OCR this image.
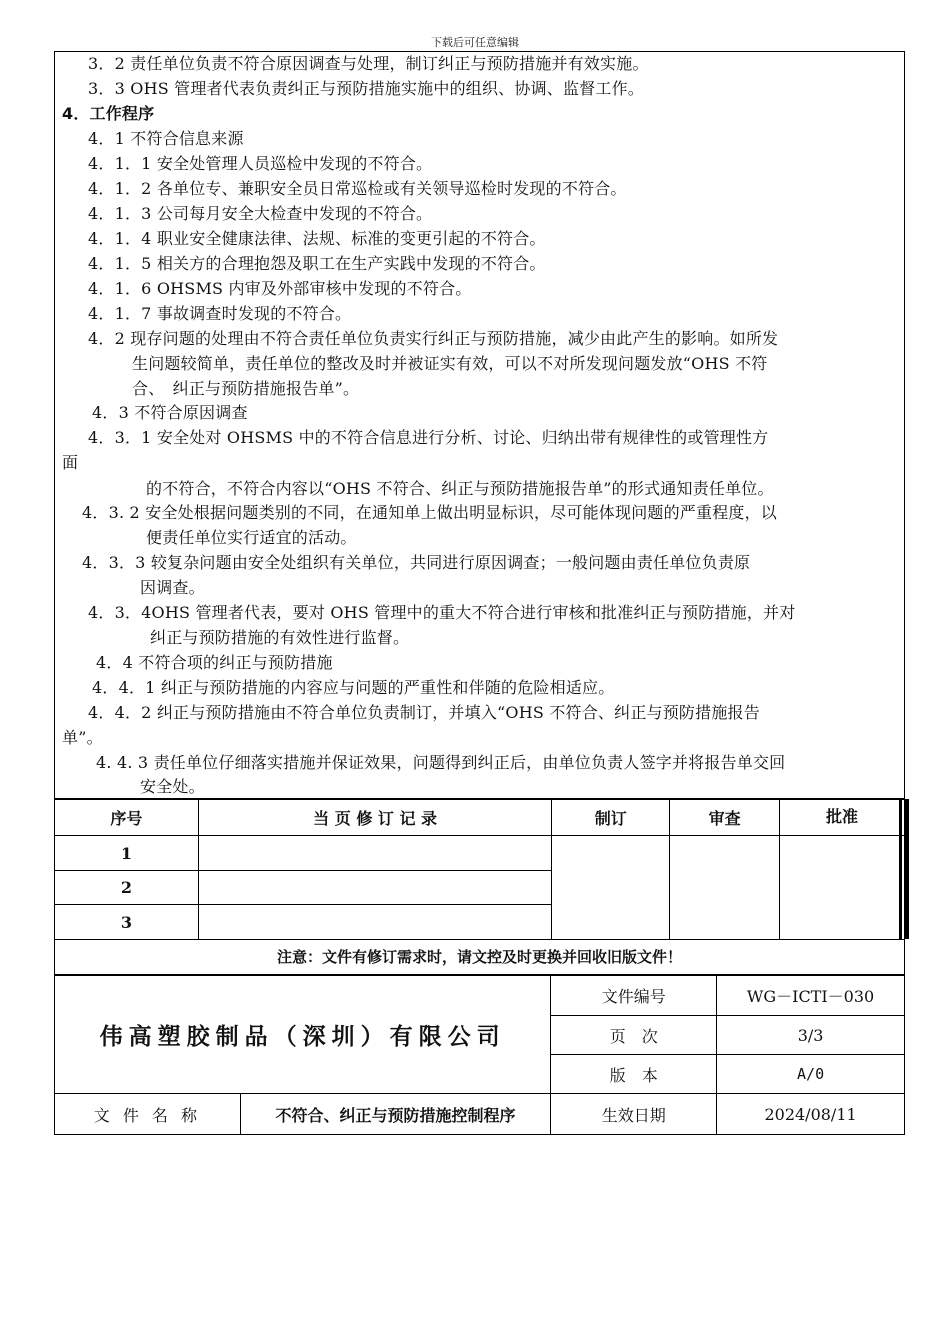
下载后可任意编辑
3．2 责任单位负责不符合原因调查与处理，制订纠正与预防措施并有效实施。
3．3 OHS 管理者代表负责纠正与预防措施实施中的组织、协调、监督工作。
4．工作程序
4．1 不符合信息来源
4．1．1 安全处管理人员巡检中发现的不符合。
4．1．2 各单位专、兼职安全员日常巡检或有关领导巡检时发现的不符合。
4．1．3 公司每月安全大检查中发现的不符合。
4．1．4 职业安全健康法律、法规、标准的变更引起的不符合。
4．1．5 相关方的合理抱怨及职工在生产实践中发现的不符合。
4．1．6 OHSMS 内审及外部审核中发现的不符合。
4．1．7 事故调查时发现的不符合。
4．2 现存问题的处理由不符合责任单位负责实行纠正与预防措施，减少由此产生的影响。如所发
生问题较简单，责任单位的整改及时并被证实有效，可以不对所发现问题发放“OHS 不符
合、　纠正与预防措施报告单”。
4．3 不符合原因调查
4．3．1 安全处对 OHSMS 中的不符合信息进行分析、讨论、归纳出带有规律性的或管理性方
面
的不符合，不符合内容以“OHS 不符合、纠正与预防措施报告单”的形式通知责任单位。
4．3. 2 安全处根据问题类别的不同，在通知单上做出明显标识，尽可能体现问题的严重程度，以
便责任单位实行适宜的活动。
4．3．3 较复杂问题由安全处组织有关单位，共同进行原因调查；一般问题由责任单位负责原
因调查。
4．3．4OHS 管理者代表，要对 OHS 管理中的重大不符合进行审核和批准纠正与预防措施，并对
纠正与预防措施的有效性进行监督。
4．4 不符合项的纠正与预防措施
4．4．1 纠正与预防措施的内容应与问题的严重性和伴随的危险相适应。
4．4．2 纠正与预防措施由不符合单位负责制订，并填入“OHS 不符合、纠正与预防措施报告
单”。
4. 4. 3 责任单位仔细落实措施并保证效果，问题得到纠正后，由单位负责人签字并将报告单交回
安全处。
序号	当 页 修 订 记 录	制订	审查	批准
1				
2				
3				
注意：文件有修订需求时，请文控及时更换并回收旧版文件！
伟高塑胶制品（深圳）有限公司		文件编号	WG－ICTI－030
		页　次	3/3
		版　本	A/0
文 件 名 称	不符合、纠正与预防措施控制程序	生效日期	2024/08/11
